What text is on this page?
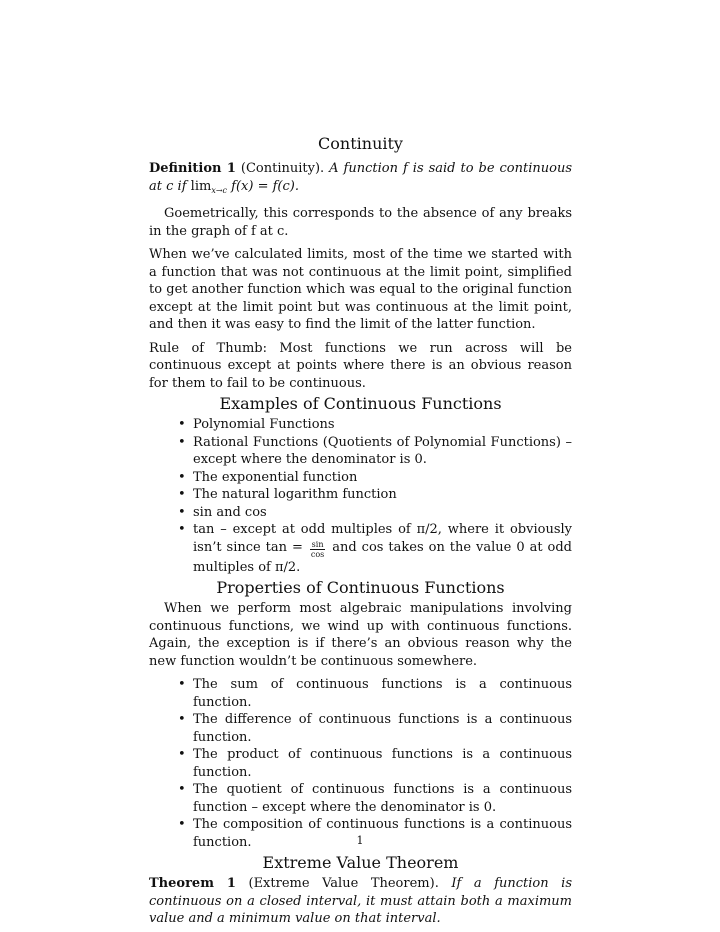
Continuity

Definition 1 (Continuity). A function f is said to be continuous at c if $\lim_{x\to c} f(x) = f(c)$.

Goemetrically, this corresponds to the absence of any breaks in the graph of f at c.

When we’ve calculated limits, most of the time we started with a function that was not continuous at the limit point, simplified to get another function which was equal to the original function except at the limit point but was continuous at the limit point, and then it was easy to find the limit of the latter function.

Rule of Thumb: Most functions we run across will be continuous except at points where there is an obvious reason for them to fail to be continuous.

Examples of Continuous Functions
• Polynomial Functions
• Rational Functions (Quotients of Polynomial Functions) – except where the denominator is 0.
• The exponential function
• The natural logarithm function
• sin and cos
• tan – except at odd multiples of π/2, where it obviously isn’t since $\tan = \frac{\sin}{\cos}$ and cos takes on the value 0 at odd multiples of π/2.
Properties of Continuous Functions

When we perform most algebraic manipulations involving continuous functions, we wind up with continuous functions. Again, the exception is if there’s an obvious reason why the new function wouldn’t be continuous somewhere.

• The sum of continuous functions is a continuous function.
• The difference of continuous functions is a continuous function.
• The product of continuous functions is a continuous function.
• The quotient of continuous functions is a continuous function – except where the denominator is 0.
• The composition of continuous functions is a continuous function.
Extreme Value Theorem

Theorem 1 (Extreme Value Theorem). If a function is continuous on a closed interval, it must attain both a maximum value and a minimum value on that interval.

1
